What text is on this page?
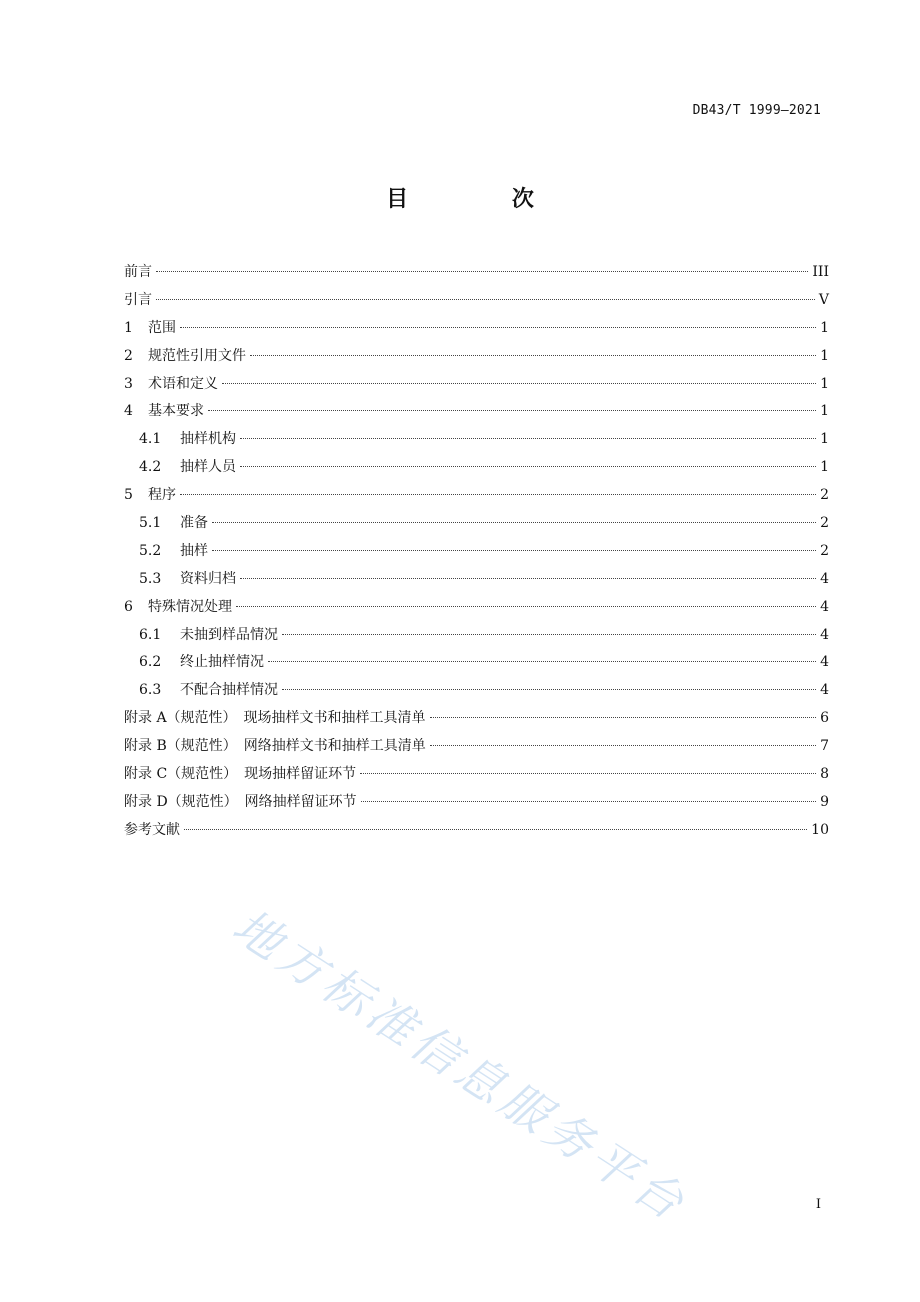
DB43/T 1999—2021
目 次
前言	III
引言	V
1	范围	1
2	规范性引用文件	1
3	术语和定义	1
4	基本要求	1
4.1	抽样机构	1
4.2	抽样人员	1
5	程序	2
5.1	准备	2
5.2	抽样	2
5.3	资料归档	4
6	特殊情况处理	4
6.1	未抽到样品情况	4
6.2	终止抽样情况	4
6.3	不配合抽样情况	4
附录 A（规范性）　现场抽样文书和抽样工具清单	6
附录 B（规范性）　网络抽样文书和抽样工具清单	7
附录 C（规范性）　现场抽样留证环节	8
附录 D（规范性）　网络抽样留证环节	9
参考文献	10
I
地方标准信息服务平台
